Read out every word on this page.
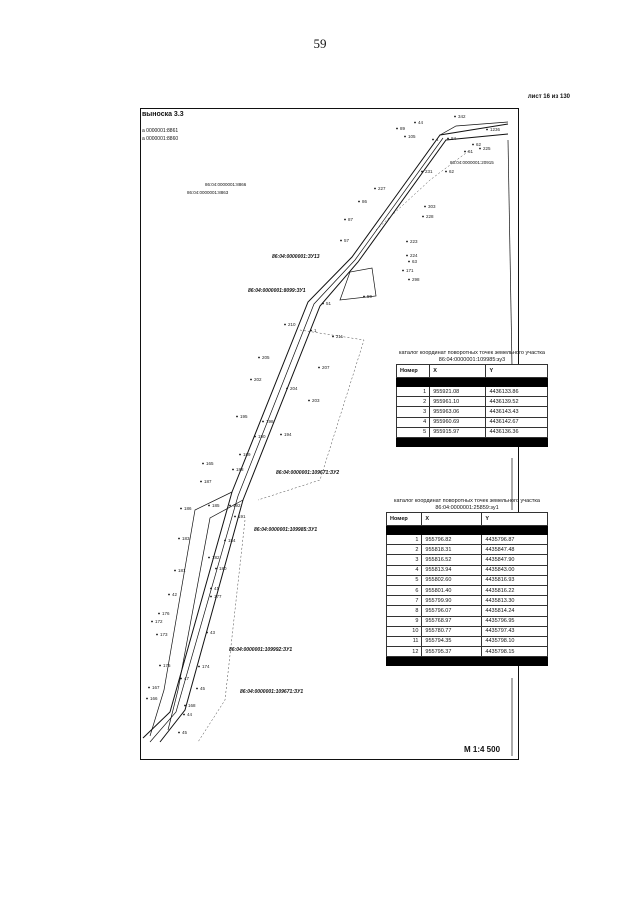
59
лист 16 из 130
выноска 3.3
а 0000001:8861
а 0000001:8860
86:04:0000001:8866
86:04:0000001:8863
86:04:0000001:20915
86:04:0000001:ЗУ13
86:04:0000001:8099:ЗУ1
86:04:0000001:109671:ЗУ2
86:04:0000001:109985:ЗУ1
86:04:0000001:109992:ЗУ1
86:04:0000001:109671:ЗУ1
342
44
1236
89
105
4	84
62
225
61
231	62
227
86
303
228
87
57	223
224
63
171
298
51
59
210
1
211
205
207
202
203
204
198
195
194
190
189
165
187
188
192
191
186
185
183	184
182
180
181
41
177
42
43
176
172
173
174
175
45
47
167
166
168
44
45
каталог координат поворотных точек земельного участка 86:04:0000001:109985:зу3
Номер	X	Y

1	955921.08	4436133.86
2	955961.10	4436139.52
3	955963.06	4436143.43
4	955960.69	4436142.67
5	955915.97	4436136.36

каталог координат поворотных точек земельного участка 86:04:0000001:25859:зу1
Номер	X	Y

1	955796.82	4435796.87
2	955818.31	4435847.48
3	955816.52	4435847.90
4	955813.94	4435843.00
5	955802.60	4435816.93
6	955801.40	4435816.22
7	955799.90	4435813.30
8	955796.07	4435814.24
9	955768.97	4435796.95
10	955780.77	4435797.43
11	955794.35	4435798.10
12	955795.37	4435798.15

М 1:4 500
